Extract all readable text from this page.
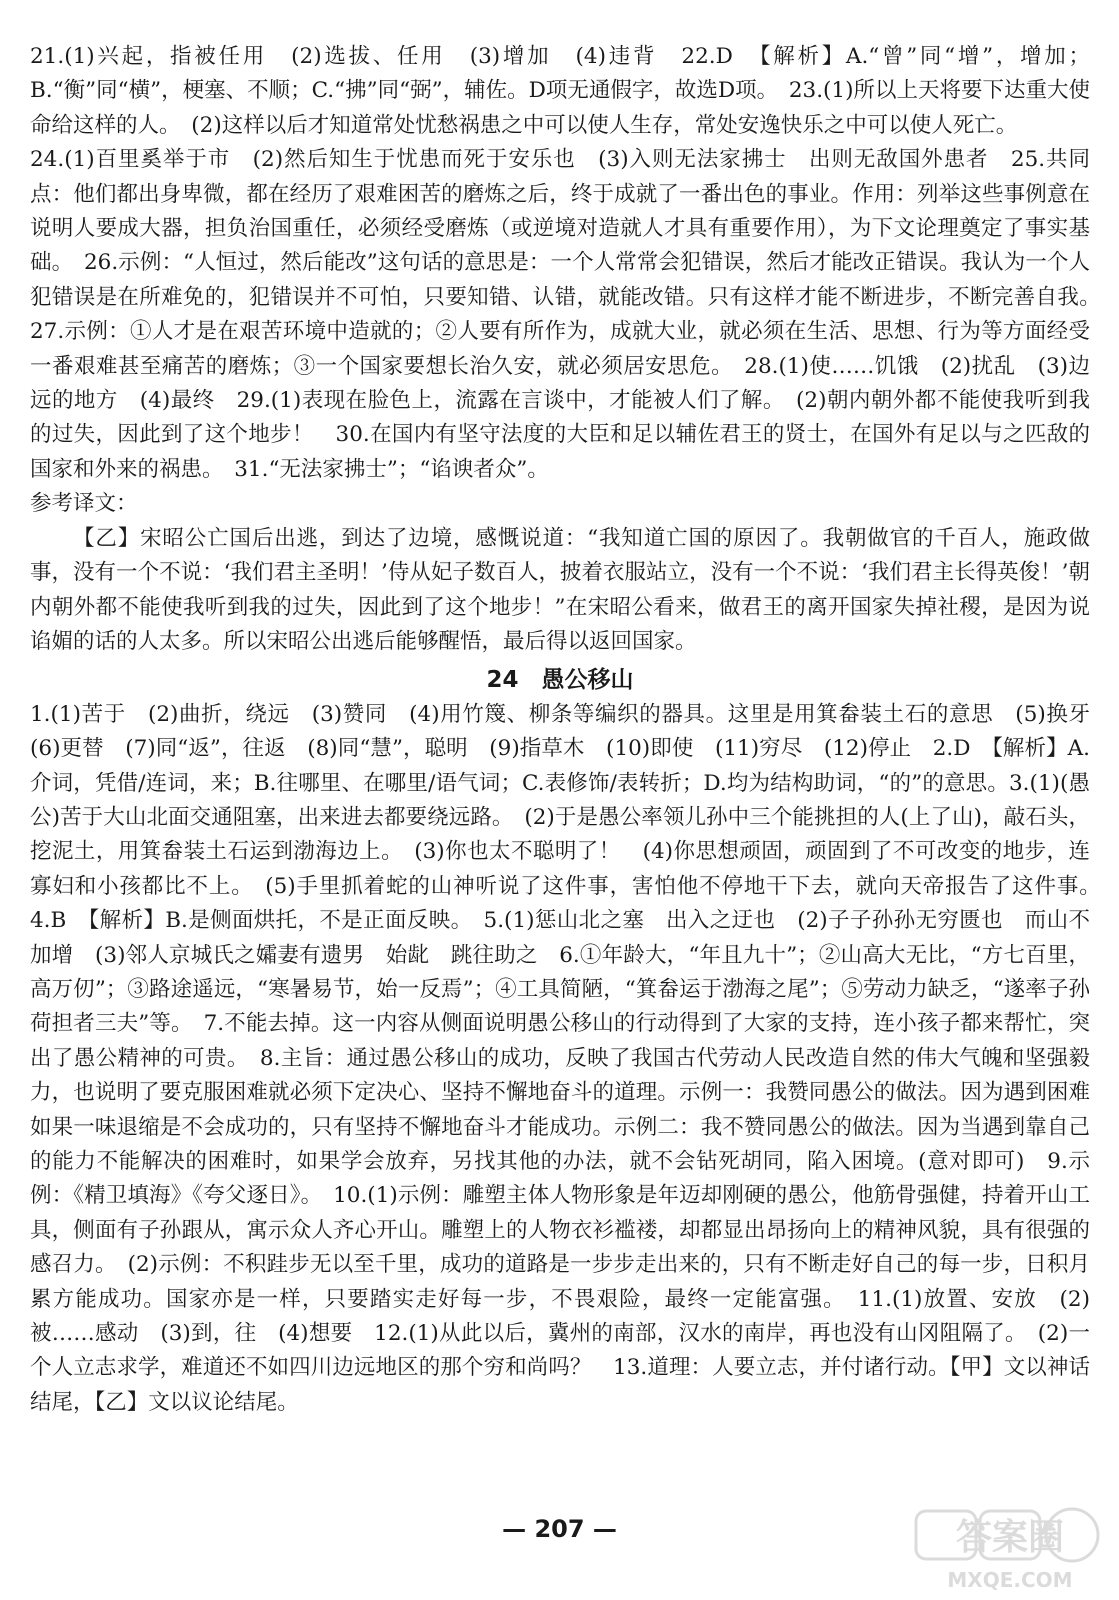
21.(1)兴起，指被任用　(2)选拔、任用　(3)增加　(4)违背　22.D　【解析】A.“曾”同“增”，增加；B.“衡”同“横”，梗塞、不顺；C.“拂”同“弼”，辅佐。D项无通假字，故选D项。　23.(1)所以上天将要下达重大使命给这样的人。　(2)这样以后才知道常处忧愁祸患之中可以使人生存，常处安逸快乐之中可以使人死亡。

24.(1)百里奚举于市　(2)然后知生于忧患而死于安乐也　(3)入则无法家拂士　出则无敌国外患者　25.共同点：他们都出身卑微，都在经历了艰难困苦的磨炼之后，终于成就了一番出色的事业。作用：列举这些事例意在说明人要成大器，担负治国重任，必须经受磨炼（或逆境对造就人才具有重要作用），为下文论理奠定了事实基础。　26.示例：“人恒过，然后能改”这句话的意思是：一个人常常会犯错误，然后才能改正错误。我认为一个人犯错误是在所难免的，犯错误并不可怕，只要知错、认错，就能改错。只有这样才能不断进步，不断完善自我。　27.示例：①人才是在艰苦环境中造就的；②人要有所作为，成就大业，就必须在生活、思想、行为等方面经受一番艰难甚至痛苦的磨炼；③一个国家要想长治久安，就必须居安思危。　28.(1)使……饥饿　(2)扰乱　(3)边远的地方　(4)最终　29.(1)表现在脸色上，流露在言谈中，才能被人们了解。　(2)朝内朝外都不能使我听到我的过失，因此到了这个地步！　30.在国内有坚守法度的大臣和足以辅佐君王的贤士，在国外有足以与之匹敌的国家和外来的祸患。　31.“无法家拂士”；“谄谀者众”。

参考译文：

【乙】宋昭公亡国后出逃，到达了边境，感慨说道：“我知道亡国的原因了。我朝做官的千百人，施政做事，没有一个不说：‘我们君主圣明！’侍从妃子数百人，披着衣服站立，没有一个不说：‘我们君主长得英俊！’朝内朝外都不能使我听到我的过失，因此到了这个地步！”在宋昭公看来，做君王的离开国家失掉社稷，是因为说谄媚的话的人太多。所以宋昭公出逃后能够醒悟，最后得以返回国家。

24　愚公移山

1.(1)苦于　(2)曲折，绕远　(3)赞同　(4)用竹篾、柳条等编织的器具。这里是用箕畚装土石的意思　(5)换牙　(6)更替　(7)同“返”，往返　(8)同“慧”，聪明　(9)指草木　(10)即使　(11)穷尽　(12)停止　2.D　【解析】A.介词，凭借/连词，来；B.往哪里、在哪里/语气词；C.表修饰/表转折；D.均为结构助词，“的”的意思。3.(1)(愚公)苦于大山北面交通阻塞，出来进去都要绕远路。　(2)于是愚公率领儿孙中三个能挑担的人(上了山)，敲石头，挖泥土，用箕畚装土石运到渤海边上。　(3)你也太不聪明了！　(4)你思想顽固，顽固到了不可改变的地步，连寡妇和小孩都比不上。　(5)手里抓着蛇的山神听说了这件事，害怕他不停地干下去，就向天帝报告了这件事。　4.B　【解析】B.是侧面烘托，不是正面反映。　5.(1)惩山北之塞　出入之迂也　(2)子子孙孙无穷匮也　而山不加增　(3)邻人京城氏之孀妻有遗男　始龀　跳往助之　6.①年龄大，“年且九十”；②山高大无比，“方七百里，高万仞”；③路途遥远，“寒暑易节，始一反焉”；④工具简陋，“箕畚运于渤海之尾”；⑤劳动力缺乏，“遂率子孙荷担者三夫”等。　7.不能去掉。这一内容从侧面说明愚公移山的行动得到了大家的支持，连小孩子都来帮忙，突出了愚公精神的可贵。　8.主旨：通过愚公移山的成功，反映了我国古代劳动人民改造自然的伟大气魄和坚强毅力，也说明了要克服困难就必须下定决心、坚持不懈地奋斗的道理。示例一：我赞同愚公的做法。因为遇到困难如果一味退缩是不会成功的，只有坚持不懈地奋斗才能成功。示例二：我不赞同愚公的做法。因为当遇到靠自己的能力不能解决的困难时，如果学会放弃，另找其他的办法，就不会钻死胡同，陷入困境。(意对即可)　9.示例：《精卫填海》《夸父逐日》。　10.(1)示例：雕塑主体人物形象是年迈却刚硬的愚公，他筋骨强健，持着开山工具，侧面有子孙跟从，寓示众人齐心开山。雕塑上的人物衣衫褴褛，却都显出昂扬向上的精神风貌，具有很强的感召力。　(2)示例：不积跬步无以至千里，成功的道路是一步步走出来的，只有不断走好自己的每一步，日积月累方能成功。国家亦是一样，只要踏实走好每一步，不畏艰险，最终一定能富强。　11.(1)放置、安放　(2)被……感动　(3)到，往　(4)想要　12.(1)从此以后，冀州的南部，汉水的南岸，再也没有山冈阻隔了。　(2)一个人立志求学，难道还不如四川边远地区的那个穷和尚吗？　13.道理：人要立志，并付诸行动。【甲】文以神话结尾，【乙】文以议论结尾。

— 207 —	答案圈
MXQE.COM
